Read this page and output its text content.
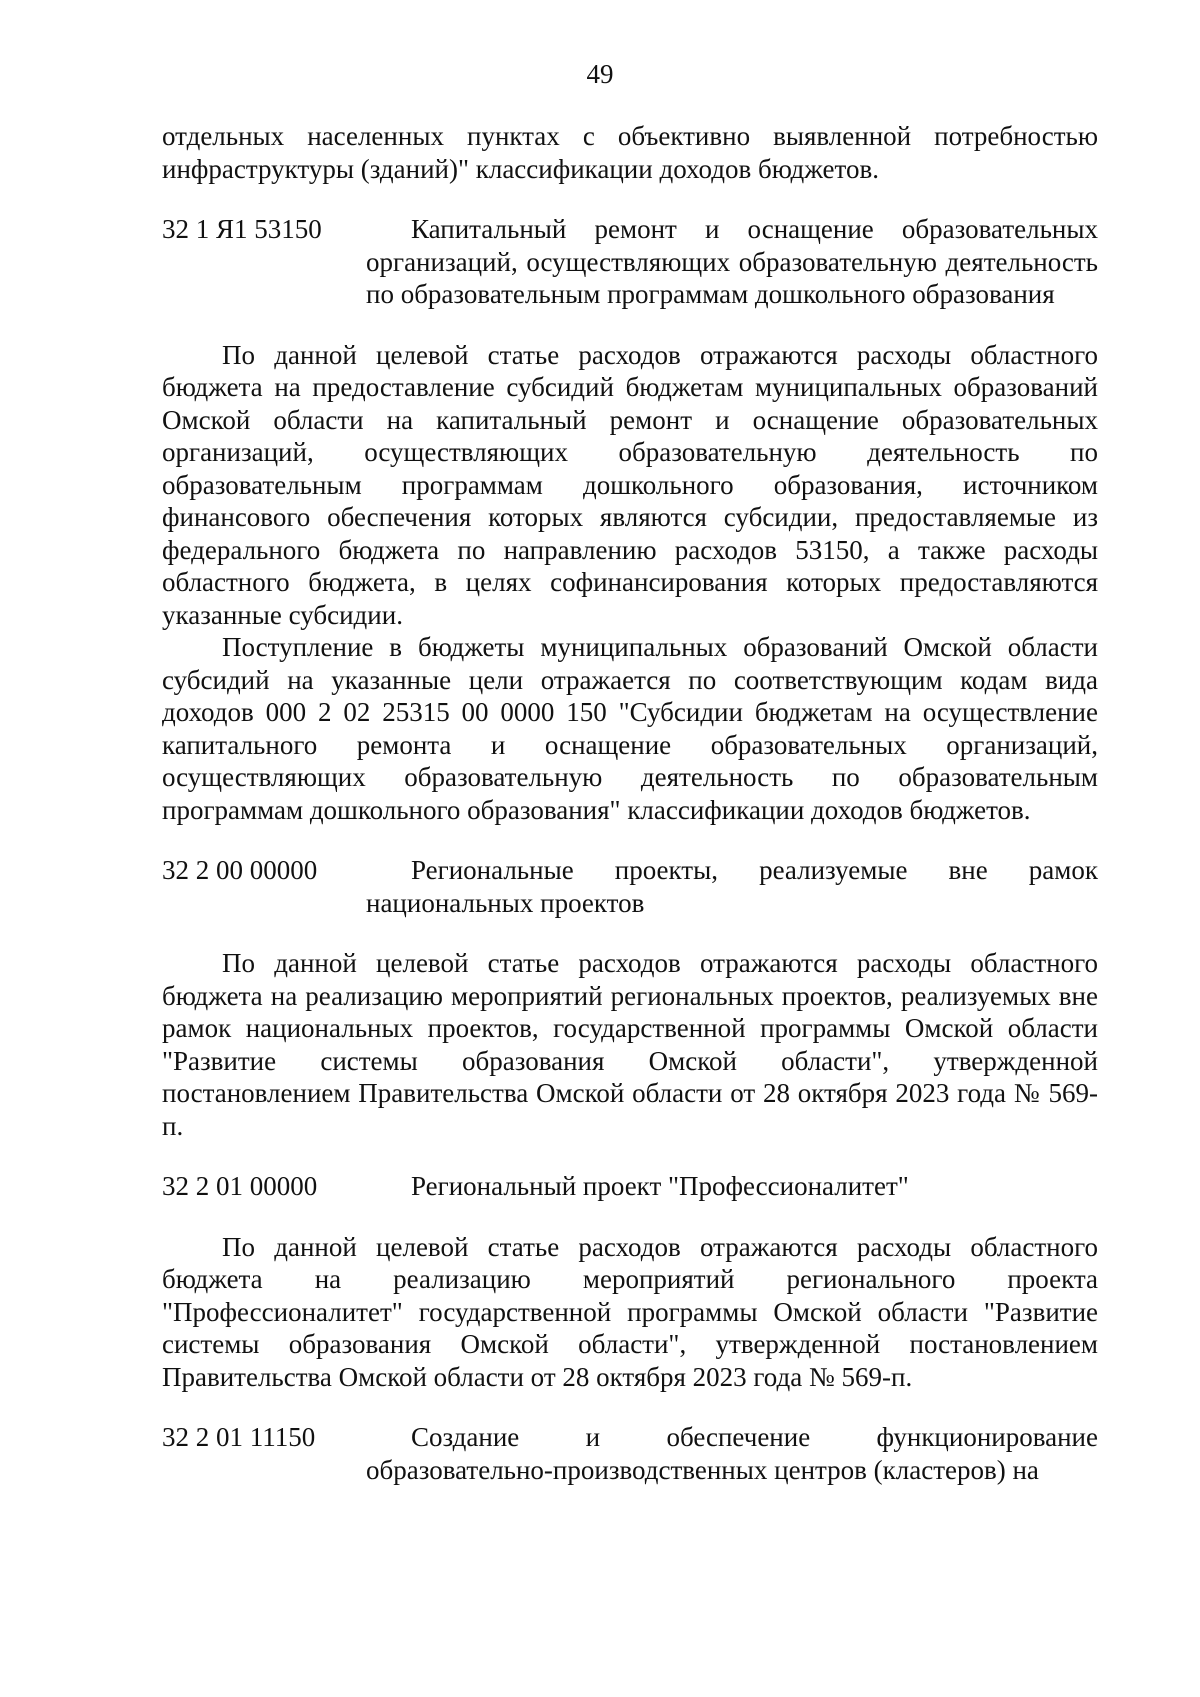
49

отдельных населенных пунктах с объективно выявленной потребностью инфраструктуры (зданий)" классификации доходов бюджетов.

32 1 Я1 53150	Капитальный ремонт и оснащение образовательных организаций, осуществляющих образовательную деятельность по образовательным программам дошкольного образования

По данной целевой статье расходов отражаются расходы областного бюджета на предоставление субсидий бюджетам муниципальных образований Омской области на капитальный ремонт и оснащение образовательных организаций, осуществляющих образовательную деятельность по образовательным программам дошкольного образования, источником финансового обеспечения которых являются субсидии, предоставляемые из федерального бюджета по направлению расходов 53150, а также расходы областного бюджета, в целях софинансирования которых предоставляются указанные субсидии.

Поступление в бюджеты муниципальных образований Омской области субсидий на указанные цели отражается по соответствующим кодам вида доходов 000 2 02 25315 00 0000 150 "Субсидии бюджетам на осуществление капитального ремонта и оснащение образовательных организаций, осуществляющих образовательную деятельность по образовательным программам дошкольного образования" классификации доходов бюджетов.

32 2 00 00000	Региональные проекты, реализуемые вне рамок национальных проектов

По данной целевой статье расходов отражаются расходы областного бюджета на реализацию мероприятий региональных проектов, реализуемых вне рамок национальных проектов, государственной программы Омской области "Развитие системы образования Омской области", утвержденной постановлением Правительства Омской области от 28 октября 2023 года № 569-п.

32 2 01 00000	Региональный проект "Профессионалитет"

По данной целевой статье расходов отражаются расходы областного бюджета на реализацию мероприятий регионального проекта "Профессионалитет" государственной программы Омской области "Развитие системы образования Омской области", утвержденной постановлением Правительства Омской области от 28 октября 2023 года № 569-п.

32 2 01 11150	Создание и обеспечение функционирование образовательно-производственных центров (кластеров) на
